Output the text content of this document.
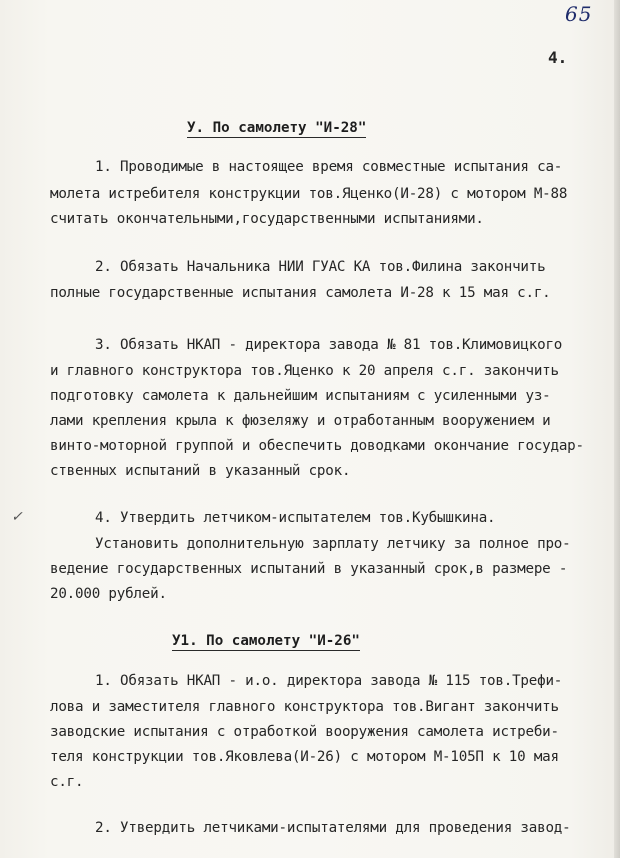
65
4.
✓
У. По самолету "И-28"
1. Проводимые в настоящее время совместные испытания са-
молета истребителя конструкции тов.Яценко(И-28) с мотором М-88
считать окончательными,государственными испытаниями.
2. Обязать Начальника НИИ ГУАС КА тов.Филина закончить
полные государственные испытания самолета И-28 к 15 мая с.г.
3. Обязать НКАП - директора завода № 81 тов.Климовицкого
и главного конструктора тов.Яценко к 20 апреля с.г. закончить
подготовку самолета к дальнейшим испытаниям с усиленными уз-
лами крепления крыла к фюзеляжу и отработанным вооружением и
винто-моторной группой и обеспечить доводками окончание государ-
ственных испытаний в указанный срок.
4. Утвердить летчиком-испытателем тов.Кубышкина.
Установить дополнительную зарплату летчику за полное про-
ведение государственных испытаний в указанный срок,в размере -
20.000 рублей.
У1. По самолету "И-26"
1. Обязать НКАП - и.о. директора завода № 115 тов.Трефи-
лова и заместителя главного конструктора тов.Вигант закончить
заводские испытания с отработкой вооружения самолета истреби-
теля конструкции тов.Яковлева(И-26) с мотором М-105П к 10 мая
с.г.
2. Утвердить летчиками-испытателями для проведения завод-
